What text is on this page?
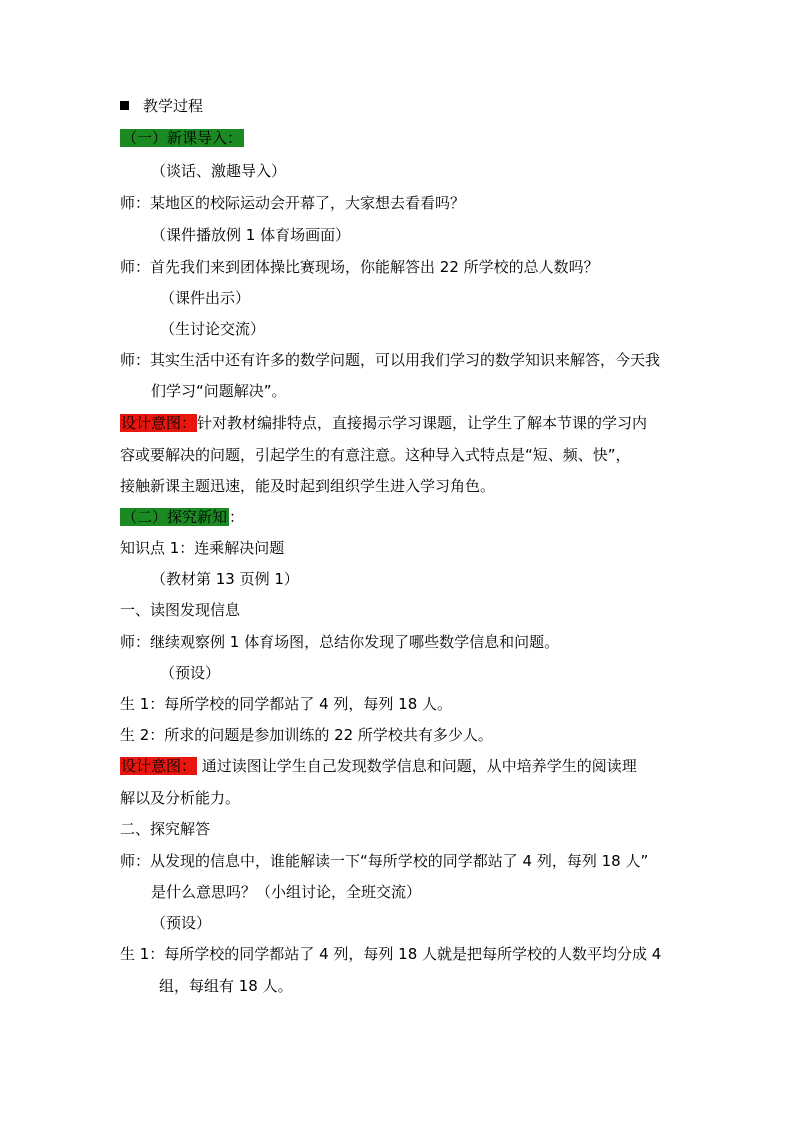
教学过程
（一）新课导入：
（谈话、激趣导入）
师：某地区的校际运动会开幕了，大家想去看看吗？
（课件播放例 1 体育场画面）
师：首先我们来到团体操比赛现场，你能解答出 22 所学校的总人数吗？
（课件出示）
（生讨论交流）
师：其实生活中还有许多的数学问题，可以用我们学习的数学知识来解答，今天我
们学习“问题解决”。
设计意图：针对教材编排特点，直接揭示学习课题，让学生了解本节课的学习内
容或要解决的问题，引起学生的有意注意。这种导入式特点是“短、频、快”，
接触新课主题迅速，能及时起到组织学生进入学习角色。
（二）探究新知 ：
知识点 1：连乘解决问题
（教材第 13 页例 1）
一、读图发现信息
师：继续观察例 1 体育场图，总结你发现了哪些数学信息和问题。
（预设）
生 1：每所学校的同学都站了 4 列，每列 18 人。
生 2：所求的问题是参加训练的 22 所学校共有多少人。
设计意图： 通过读图让学生自己发现数学信息和问题，从中培养学生的阅读理
解以及分析能力。
二、探究解答
师：从发现的信息中，谁能解读一下“每所学校的同学都站了 4 列，每列 18 人”
是什么意思吗？（小组讨论，全班交流）
（预设）
生 1：每所学校的同学都站了 4 列，每列 18 人就是把每所学校的人数平均分成 4
组，每组有 18 人。
